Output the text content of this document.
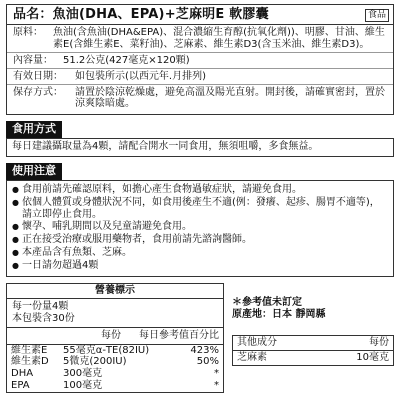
品名：魚油(DHA、EPA)+芝麻明E 軟膠囊	食品
原料：	魚油(含魚油(DHA&EPA)、混合濃縮生育醇(抗氧化劑))、明膠、甘油、維生素E(含維生素E、菜籽油)、芝麻素、維生素D3(含玉米油、維生素D3)。
內容量：	51.2公克(427毫克×120顆)
有效日期：	如包裝所示(以西元年.月排列)
保存方式：	請置於陰涼乾燥處，避免高溫及陽光直射。開封後，請確實密封，置於涼爽陰暗處。
食用方式
每日建議攝取量為4顆，請配合開水一同食用，無須咀嚼，多食無益。
使用注意
● 食用前請先確認原料，如擔心產生食物過敏症狀，請避免食用。
● 依個人體質或身體狀況不同，如食用後產生不適(例：發癢、起疹、腸胃不適等)，請立即停止食用。
● 懷孕、哺乳期間以及兒童請避免食用。
● 正在接受治療或服用藥物者，食用前請先諮詢醫師。
● 本產品含有魚類、芝麻。
● 一日請勿超過4顆
營養標示
每一份量4顆
本包裝含30份
每份	每日參考值百分比
維生素E	55毫克α-TE(82IU)	423%
維生素D	5微克(200IU)	50%
DHA	300毫克	*
EPA	100毫克	*
＊參考值未訂定
原產地：日本 靜岡縣
其他成分	每份
芝麻素	10毫克
